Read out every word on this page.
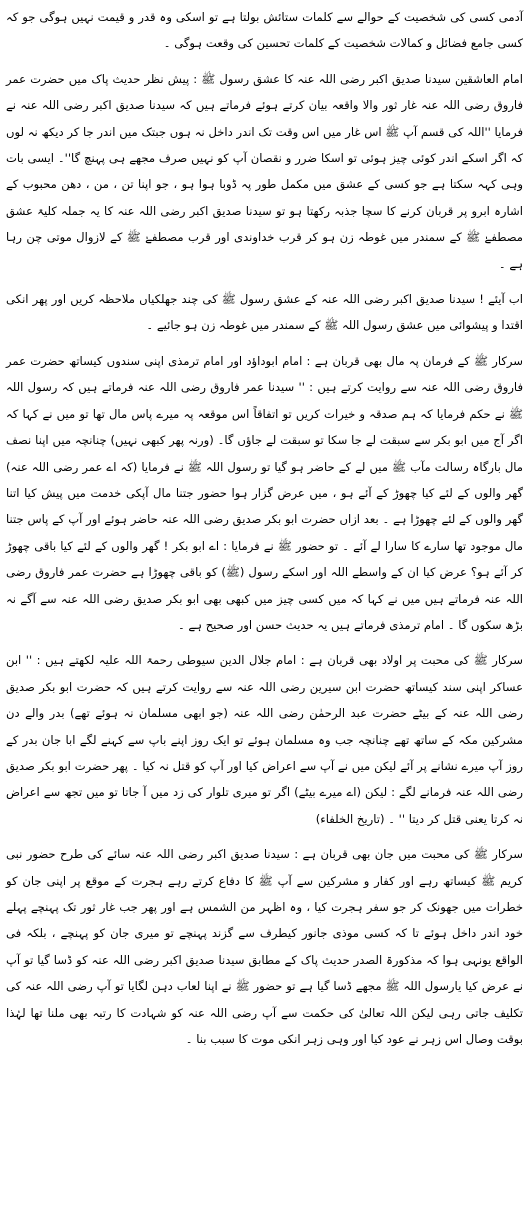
آدمی کسی کی شخصیت کے حوالے سے کلمات ستائش بولتا ہے تو اسکی وہ قدر و قیمت نہیں ہوگی جو کہ کسی جامع فضائل و کمالات شخصیت کے کلمات تحسین کی وقعت ہوگی ۔

امام العاشقین سیدنا صدیق اکبر رضی اللہ عنہ کا عشق رسول ﷺ : پیش نظر حدیث پاک میں حضرت عمر فاروق رضی اللہ عنہ غار ثور والا واقعہ بیان کرتے ہوئے فرماتے ہیں کہ سیدنا صدیق اکبر رضی اللہ عنہ نے فرمایا ''اللہ کی قسم آپ ﷺ اس غار میں اس وقت تک اندر داخل نہ ہوں جبتک میں اندر جا کر دیکھ نہ لوں کہ اگر اسکے اندر کوئی چیز ہوئی تو اسکا ضرر و نقصان آپ کو نہیں صرف مجھے ہی پہنچ گا''۔ ایسی بات وہی کہہ سکتا ہے جو کسی کے عشق میں مکمل طور پہ ڈوبا ہوا ہو ، جو اپنا تن ، من ، دھن محبوب کے اشارہ ابرو پر قربان کرنے کا سچا جذبہ رکھتا ہو تو سیدنا صدیق اکبر رضی اللہ عنہ کا یہ جملہ کلیۃ عشق مصطفےٰ ﷺ کے سمندر میں غوطہ زن ہو کر قرب خداوندی اور قرب مصطفےٰ ﷺ کے لازوال موتی چن رہا ہے ۔

اب آیئے ! سیدنا صدیق اکبر رضی اللہ عنہ کے عشق رسول ﷺ کی چند جھلکیاں ملاحظہ کریں اور پھر انکی اقتدا و پیشوائی میں عشق رسول اللہ ﷺ کے سمندر میں غوطہ زن ہو جائیے ۔

سرکار ﷺ کے فرمان پہ مال بھی قربان ہے : امام ابوداؤد اور امام ترمذی اپنی سندوں کیساتھ حضرت عمر فاروق رضی اللہ عنہ سے روایت کرتے ہیں : '' سیدنا عمر فاروق رضی اللہ عنہ فرماتے ہیں کہ رسول اللہ ﷺ نے حکم فرمایا کہ ہم صدقہ و خیرات کریں تو اتفاقاً اس موقعہ پہ میرے پاس مال تھا تو میں نے کہا کہ اگر آج میں ابو بکر سے سبقت لے جا سکا تو سبقت لے جاؤں گا۔ (ورنہ پھر کبھی نہیں) چنانچہ میں اپنا نصف مال بارگاہ رسالت مآب ﷺ میں لے کے حاضر ہو گیا تو رسول اللہ ﷺ نے فرمایا (کہ اے عمر رضی اللہ عنہ) گھر والوں کے لئے کیا چھوڑ کے آئے ہو ، میں عرض گزار ہوا حضور جتنا مال آپکی خدمت میں پیش کیا اتنا گھر والوں کے لئے چھوڑا ہے ۔ بعد ازاں حضرت ابو بکر صدیق رضی اللہ عنہ حاضر ہوئے اور آپ کے پاس جتنا مال موجود تھا سارے کا سارا لے آئے ۔ تو حضور ﷺ نے فرمایا : اے ابو بکر ! گھر والوں کے لئے کیا باقی چھوڑ کر آئے ہو؟ عرض کیا ان کے واسطے اللہ اور اسکے رسول (ﷺ) کو باقی چھوڑا ہے حضرت عمر فاروق رضی اللہ عنہ فرماتے ہیں میں نے کہا کہ میں کسی چیز میں کبھی بھی ابو بکر صدیق رضی اللہ عنہ سے آگے نہ بڑھ سکوں گا ۔ امام ترمذی فرماتے ہیں یہ حدیث حسن اور صحیح ہے ۔

سرکار ﷺ کی محبت پر اولاد بھی قربان ہے : امام جلال الدین سیوطی رحمۃ اللہ علیہ لکھتے ہیں : '' ابن عساکر اپنی سند کیساتھ حضرت ابن سیرین رضی اللہ عنہ سے روایت کرتے ہیں کہ حضرت ابو بکر صدیق رضی اللہ عنہ کے بیٹے حضرت عبد الرحمٰن رضی اللہ عنہ (جو ابھی مسلمان نہ ہوئے تھے) بدر والے دن مشرکین مکہ کے ساتھ تھے چنانچہ جب وہ مسلمان ہوئے تو ایک روز اپنے باپ سے کہنے لگے ابا جان بدر کے روز آپ میرے نشانے پر آئے لیکن میں نے آپ سے اعراض کیا اور آپ کو قتل نہ کیا ۔ پھر حضرت ابو بکر صدیق رضی اللہ عنہ فرمانے لگے : لیکن (اے میرے بیٹے) اگر تو میری تلوار کی زد میں آ جاتا تو میں تجھ سے اعراض نہ کرتا یعنی قتل کر دیتا '' ۔ (تاریخ الخلفاء)

سرکار ﷺ کی محبت میں جان بھی قربان ہے : سیدنا صدیق اکبر رضی اللہ عنہ سائے کی طرح حضور نبی کریم ﷺ کیساتھ رہے اور کفار و مشرکین سے آپ ﷺ کا دفاع کرتے رہے ہجرت کے موقع پر اپنی جان کو خطرات میں جھونک کر جو سفر ہجرت کیا ، وہ اظہر من الشمس ہے اور پھر جب غار ثور تک پہنچے پہلے خود اندر داخل ہوئے تا کہ کسی موذی جانور کیطرف سے گزند پہنچے تو میری جان کو پہنچے ، بلکہ فی الواقع یونہی ہوا کہ مذکورۃ الصدر حدیث پاک کے مطابق سیدنا صدیق اکبر رضی اللہ عنہ کو ڈسا گیا تو آپ نے عرض کیا یارسول اللہ ﷺ مجھے ڈسا گیا ہے تو حضور ﷺ نے اپنا لعاب دہن لگایا تو آپ رضی اللہ عنہ کی تکلیف جاتی رہی لیکن اللہ تعالیٰ کی حکمت سے آپ رضی اللہ عنہ کو شہادت کا رتبہ بھی ملنا تھا لہٰذا بوقت وصال اس زہر نے عود کیا اور وہی زہر انکی موت کا سبب بنا ۔
